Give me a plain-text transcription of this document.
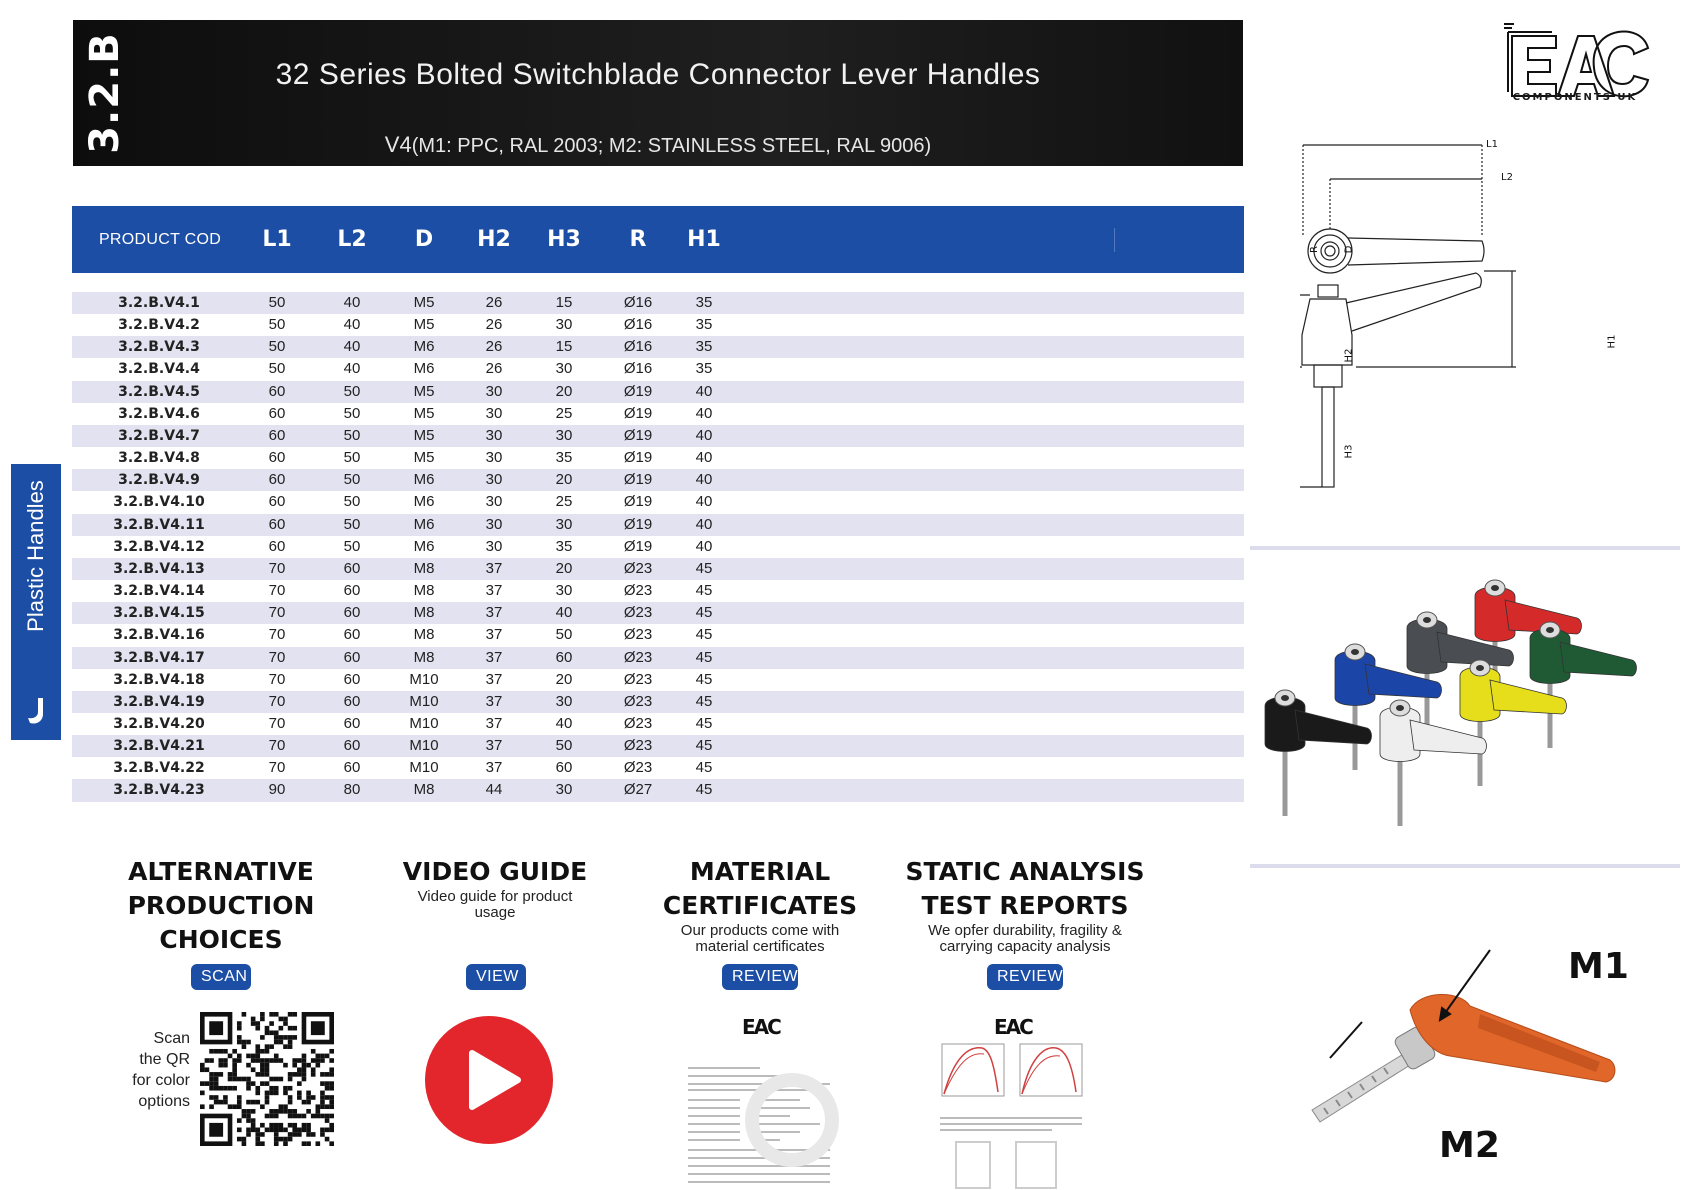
3.2.B	32 Series Bolted Switchblade Connector Lever Handles
V4(M1: PPC, RAL 2003; M2: STAINLESS STEEL, RAL 9006)
COMPONENTS UK
Plastic Handles
PRODUCT COD	L1	L2	D	H2	H3	R	H1
3.2.B.V4.1	50	40	M5	26	15	Ø16	35
3.2.B.V4.2	50	40	M5	26	30	Ø16	35
3.2.B.V4.3	50	40	M6	26	15	Ø16	35
3.2.B.V4.4	50	40	M6	26	30	Ø16	35
3.2.B.V4.5	60	50	M5	30	20	Ø19	40
3.2.B.V4.6	60	50	M5	30	25	Ø19	40
3.2.B.V4.7	60	50	M5	30	30	Ø19	40
3.2.B.V4.8	60	50	M5	30	35	Ø19	40
3.2.B.V4.9	60	50	M6	30	20	Ø19	40
3.2.B.V4.10	60	50	M6	30	25	Ø19	40
3.2.B.V4.11	60	50	M6	30	30	Ø19	40
3.2.B.V4.12	60	50	M6	30	35	Ø19	40
3.2.B.V4.13	70	60	M8	37	20	Ø23	45
3.2.B.V4.14	70	60	M8	37	30	Ø23	45
3.2.B.V4.15	70	60	M8	37	40	Ø23	45
3.2.B.V4.16	70	60	M8	37	50	Ø23	45
3.2.B.V4.17	70	60	M8	37	60	Ø23	45
3.2.B.V4.18	70	60	M10	37	20	Ø23	45
3.2.B.V4.19	70	60	M10	37	30	Ø23	45
3.2.B.V4.20	70	60	M10	37	40	Ø23	45
3.2.B.V4.21	70	60	M10	37	50	Ø23	45
3.2.B.V4.22	70	60	M10	37	60	Ø23	45
3.2.B.V4.23	90	80	M8	44	30	Ø27	45
ALTERNATIVE
PRODUCTION
CHOICES
SCAN
Scan
the QR
for color
options
VIDEO GUIDE
Video guide for product
usage
VIEW
MATERIAL
CERTIFICATES
Our products come with
material certificates
REVIEW
EAC
STATIC ANALYSIS
TEST REPORTS
We opfer durability, fragility &
carrying capacity analysis
REVIEW
EAC
L1
L2
R D
H2
H1
H3
M1
M2
